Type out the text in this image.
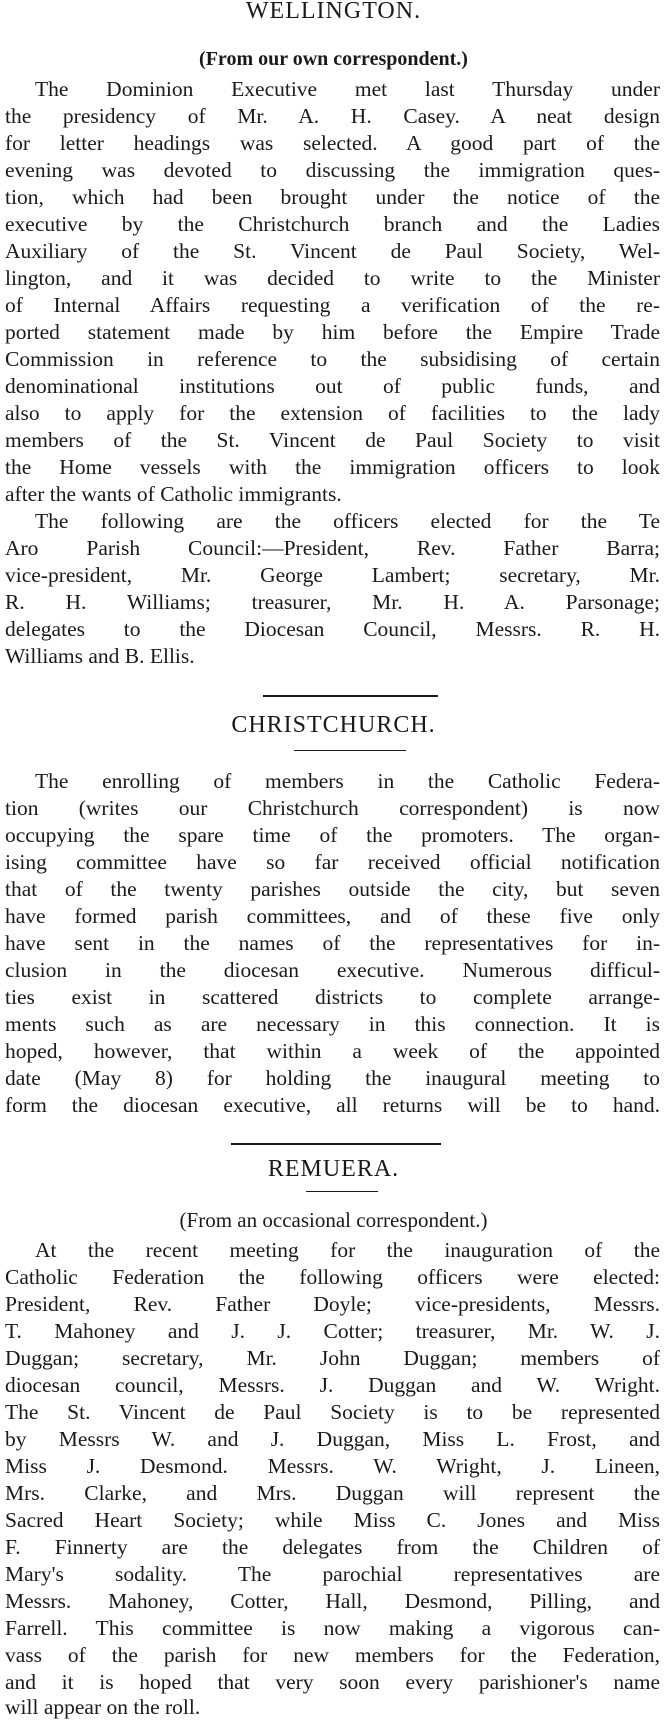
WELLINGTON.
(From our own correspondent.)
The Dominion Executive met last Thursday under
the presidency of Mr. A. H. Casey. A neat design
for letter headings was selected. A good part of the
evening was devoted to discussing the immigration ques-
tion, which had been brought under the notice of the
executive by the Christchurch branch and the Ladies
Auxiliary of the St. Vincent de Paul Society, Wel-
lington, and it was decided to write to the Minister
of Internal Affairs requesting a verification of the re-
ported statement made by him before the Empire Trade
Commission in reference to the subsidising of certain
denominational institutions out of public funds, and
also to apply for the extension of facilities to the lady
members of the St. Vincent de Paul Society to visit
the Home vessels with the immigration officers to look
after the wants of Catholic immigrants.
The following are the officers elected for the Te
Aro Parish Council:—President, Rev. Father Barra;
vice-president, Mr. George Lambert; secretary, Mr.
R. H. Williams; treasurer, Mr. H. A. Parsonage;
delegates to the Diocesan Council, Messrs. R. H.
Williams and B. Ellis.
CHRISTCHURCH.
The enrolling of members in the Catholic Federa-
tion (writes our Christchurch correspondent) is now
occupying the spare time of the promoters. The organ-
ising committee have so far received official notification
that of the twenty parishes outside the city, but seven
have formed parish committees, and of these five only
have sent in the names of the representatives for in-
clusion in the diocesan executive. Numerous difficul-
ties exist in scattered districts to complete arrange-
ments such as are necessary in this connection. It is
hoped, however, that within a week of the appointed
date (May 8) for holding the inaugural meeting to
form the diocesan executive, all returns will be to hand.
REMUERA.
(From an occasional correspondent.)
At the recent meeting for the inauguration of the
Catholic Federation the following officers were elected:
President, Rev. Father Doyle; vice-presidents, Messrs.
T. Mahoney and J. J. Cotter; treasurer, Mr. W. J.
Duggan; secretary, Mr. John Duggan; members of
diocesan council, Messrs. J. Duggan and W. Wright.
The St. Vincent de Paul Society is to be represented
by Messrs W. and J. Duggan, Miss L. Frost, and
Miss J. Desmond. Messrs. W. Wright, J. Lineen,
Mrs. Clarke, and Mrs. Duggan will represent the
Sacred Heart Society; while Miss C. Jones and Miss
F. Finnerty are the delegates from the Children of
Mary's sodality. The parochial representatives are
Messrs. Mahoney, Cotter, Hall, Desmond, Pilling, and
Farrell. This committee is now making a vigorous can-
vass of the parish for new members for the Federation,
and it is hoped that very soon every parishioner's name
will appear on the roll.
